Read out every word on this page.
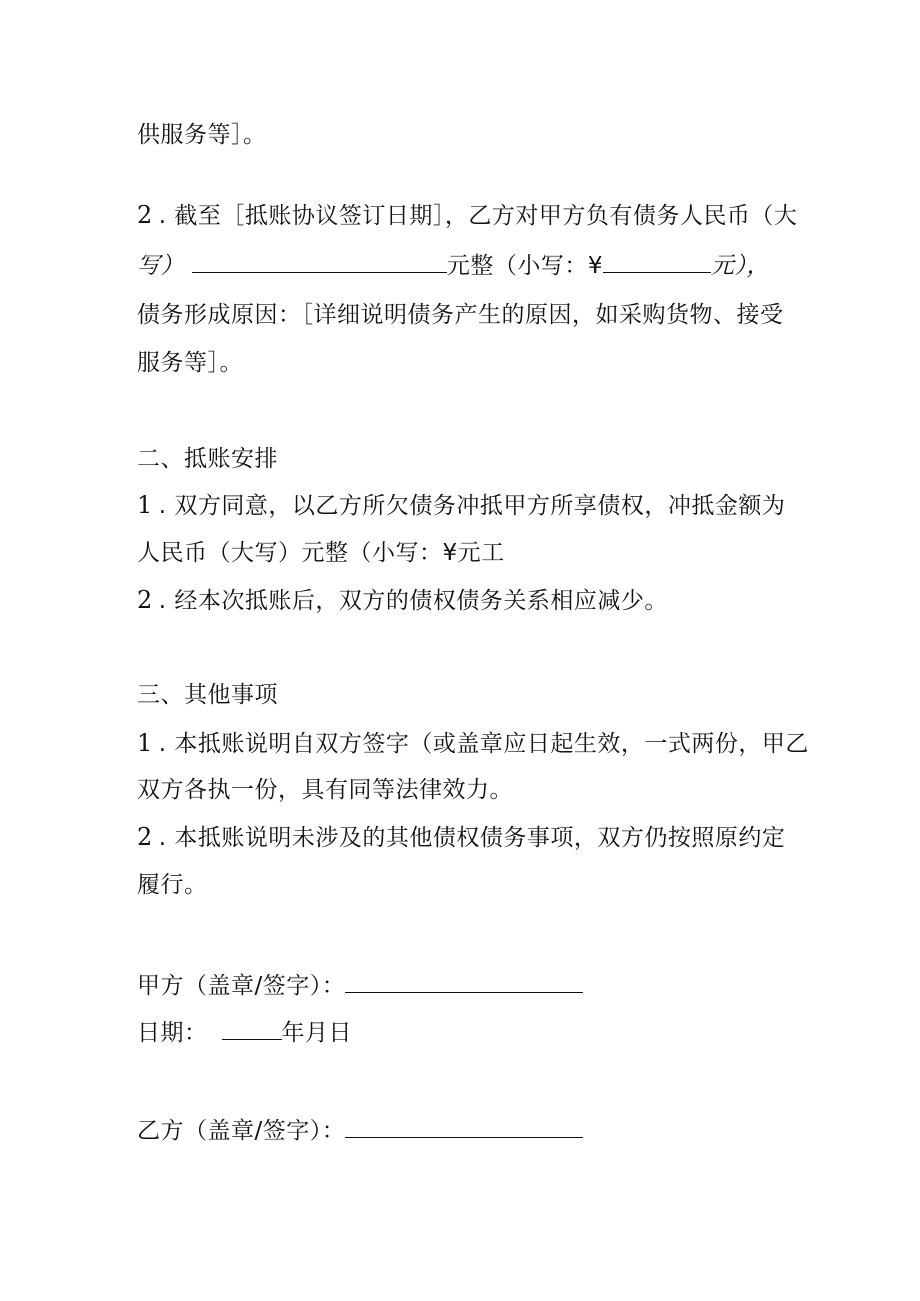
供服务等］。
2 . 截至［抵账协议签订日期］，乙方对甲方负有债务人民币（大
写）	元整（小写：¥	元），
债务形成原因：［详细说明债务产生的原因，如采购货物、接受
服务等］。
二、抵账安排
1 . 双方同意，以乙方所欠债务冲抵甲方所享债权，冲抵金额为
人民币（大写）元整（小写：¥元工
2 . 经本次抵账后，双方的债权债务关系相应减少。
三、其他事项
1 . 本抵账说明自双方签字（或盖章应日起生效，一式两份，甲乙
双方各执一份，具有同等法律效力。
2 . 本抵账说明未涉及的其他债权债务事项，双方仍按照原约定
履行。
甲方（盖章/签字）：
日期：	年月日
乙方（盖章/签字）：
